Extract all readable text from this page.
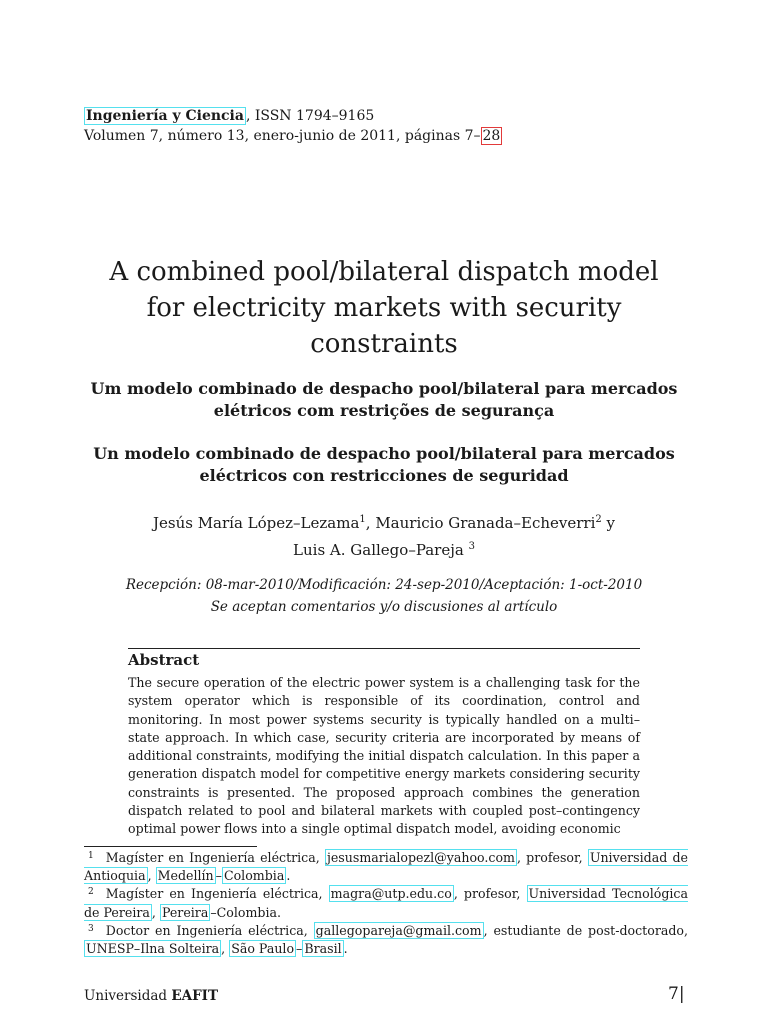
Ingeniería y Ciencia , ISSN 1794–9165
Volumen 7, número 13, enero-junio de 2011, páginas 7– 28
A combined pool/bilateral dispatch model
for electricity markets with security
constraints
Um modelo combinado de despacho pool/bilateral para mercados
elétricos com restrições de segurança
Un modelo combinado de despacho pool/bilateral para mercados
eléctricos con restricciones de seguridad
Jesús María López–Lezama$^1$, Mauricio Granada–Echeverri$^2$ y
Luis A. Gallego–Pareja $^3$
Recepción: 08-mar-2010/Modificación: 24-sep-2010/Aceptación: 1-oct-2010
Se aceptan comentarios y/o discusiones al artículo
Abstract
The secure operation of the electric power system is a challenging task for the system operator which is responsible of its coordination, control and monitoring. In most power systems security is typically handled on a multi–state approach. In which case, security criteria are incorporated by means of additional constraints, modifying the initial dispatch calculation. In this paper a generation dispatch model for competitive energy markets considering security constraints is presented. The proposed approach combines the generation dispatch related to pool and bilateral markets with coupled post–contingency optimal power flows into a single optimal dispatch model, avoiding economic
$^1$ Magíster en Ingeniería eléctrica, jesusmarialopezl@yahoo.com , profesor, Universidad de Antioquia , Medellín – Colombia .
$^2$ Magíster en Ingeniería eléctrica, magra@utp.edu.co , profesor, Universidad Tecnológica de Pereira , Pereira –Colombia.
$^3$ Doctor en Ingeniería eléctrica, gallegopareja@gmail.com , estudiante de post-doctorado, UNESP–Ilna Solteira , São Paulo – Brasil .
Universidad EAFIT	7|
